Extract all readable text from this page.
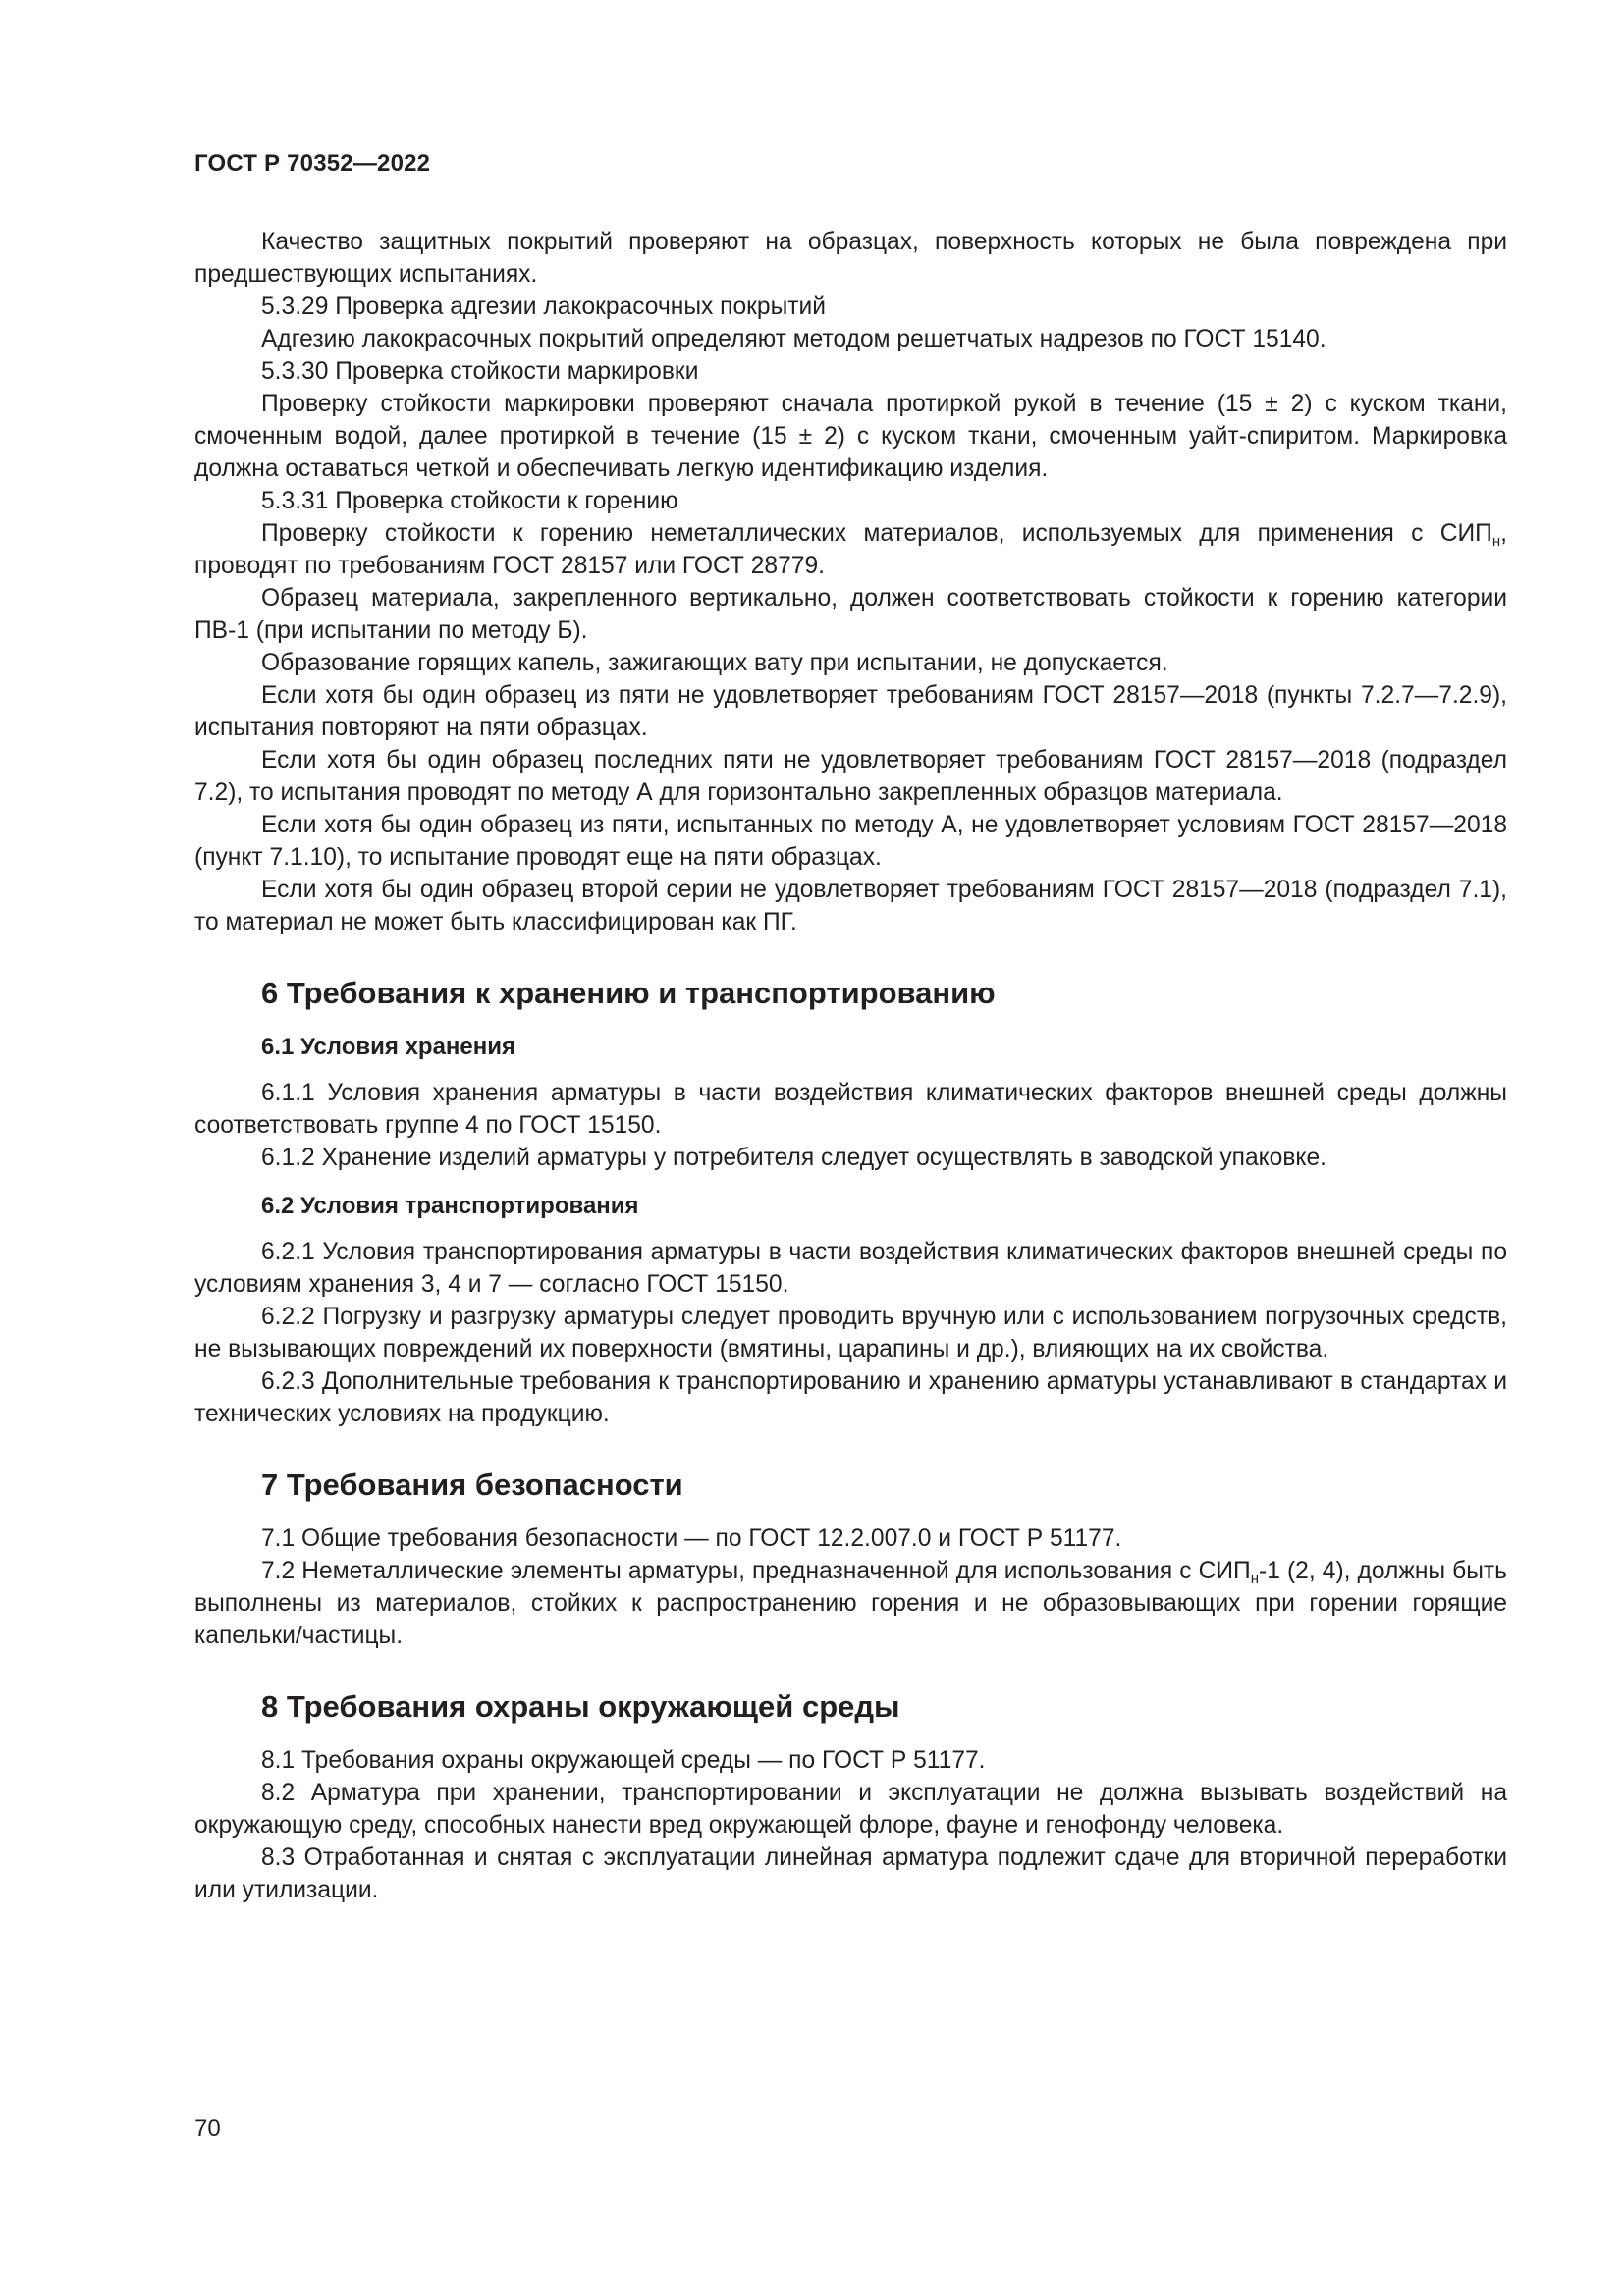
ГОСТ Р 70352—2022

Качество защитных покрытий проверяют на образцах, поверхность которых не была повреждена при предшествующих испытаниях.

5.3.29 Проверка адгезии лакокрасочных покрытий

Адгезию лакокрасочных покрытий определяют методом решетчатых надрезов по ГОСТ 15140.

5.3.30 Проверка стойкости маркировки

Проверку стойкости маркировки проверяют сначала протиркой рукой в течение (15 ± 2) с куском ткани, смоченным водой, далее протиркой в течение (15 ± 2) с куском ткани, смоченным уайт-спиритом. Маркировка должна оставаться четкой и обеспечивать легкую идентификацию изделия.

5.3.31 Проверка стойкости к горению

Проверку стойкости к горению неметаллических материалов, используемых для применения с $СИП_н$, проводят по требованиям ГОСТ 28157 или ГОСТ 28779.

Образец материала, закрепленного вертикально, должен соответствовать стойкости к горению категории ПВ-1 (при испытании по методу Б).

Образование горящих капель, зажигающих вату при испытании, не допускается.

Если хотя бы один образец из пяти не удовлетворяет требованиям ГОСТ 28157—2018 (пункты 7.2.7—7.2.9), испытания повторяют на пяти образцах.

Если хотя бы один образец последних пяти не удовлетворяет требованиям ГОСТ 28157—2018 (подраздел 7.2), то испытания проводят по методу А для горизонтально закрепленных образцов материала.

Если хотя бы один образец из пяти, испытанных по методу А, не удовлетворяет условиям ГОСТ 28157—2018 (пункт 7.1.10), то испытание проводят еще на пяти образцах.

Если хотя бы один образец второй серии не удовлетворяет требованиям ГОСТ 28157—2018 (подраздел 7.1), то материал не может быть классифицирован как ПГ.

6 Требования к хранению и транспортированию
6.1 Условия хранения

6.1.1 Условия хранения арматуры в части воздействия климатических факторов внешней среды должны соответствовать группе 4 по ГОСТ 15150.

6.1.2 Хранение изделий арматуры у потребителя следует осуществлять в заводской упаковке.

6.2 Условия транспортирования

6.2.1 Условия транспортирования арматуры в части воздействия климатических факторов внешней среды по условиям хранения 3, 4 и 7 — согласно ГОСТ 15150.

6.2.2 Погрузку и разгрузку арматуры следует проводить вручную или с использованием погрузочных средств, не вызывающих повреждений их поверхности (вмятины, царапины и др.), влияющих на их свойства.

6.2.3 Дополнительные требования к транспортированию и хранению арматуры устанавливают в стандартах и технических условиях на продукцию.

7 Требования безопасности

7.1 Общие требования безопасности — по ГОСТ 12.2.007.0 и ГОСТ Р 51177.

7.2 Неметаллические элементы арматуры, предназначенной для использования с $СИП_н-1$ (2, 4), должны быть выполнены из материалов, стойких к распространению горения и не образовывающих при горении горящие капельки/частицы.

8 Требования охраны окружающей среды

8.1 Требования охраны окружающей среды — по ГОСТ Р 51177.

8.2 Арматура при хранении, транспортировании и эксплуатации не должна вызывать воздействий на окружающую среду, способных нанести вред окружающей флоре, фауне и генофонду человека.

8.3 Отработанная и снятая с эксплуатации линейная арматура подлежит сдаче для вторичной переработки или утилизации.

70
